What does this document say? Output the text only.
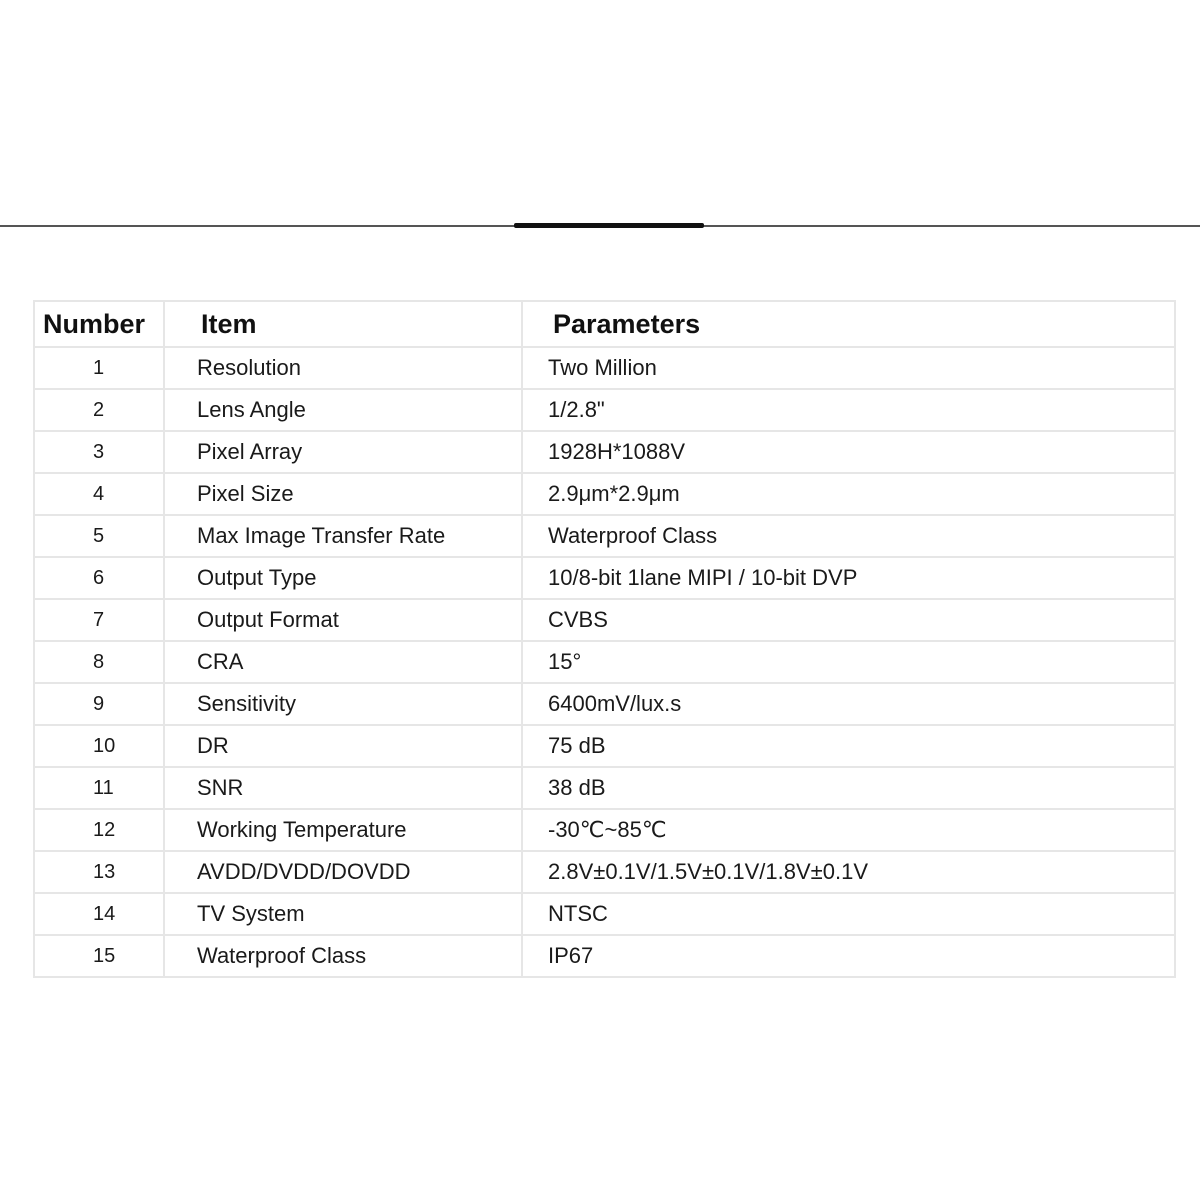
Number	Item	Parameters
1	Resolution	Two Million
2	Lens Angle	1/2.8"
3	Pixel Array	1928H*1088V
4	Pixel Size	2.9μm*2.9μm
5	Max Image Transfer Rate	Waterproof Class
6	Output Type	10/8-bit 1lane MIPI / 10-bit DVP
7	Output Format	CVBS
8	CRA	15°
9	Sensitivity	6400mV/lux.s
10	DR	75 dB
11	SNR	38 dB
12	Working Temperature	-30℃~85℃
13	AVDD/DVDD/DOVDD	2.8V±0.1V/1.5V±0.1V/1.8V±0.1V
14	TV System	NTSC
15	Waterproof Class	IP67
